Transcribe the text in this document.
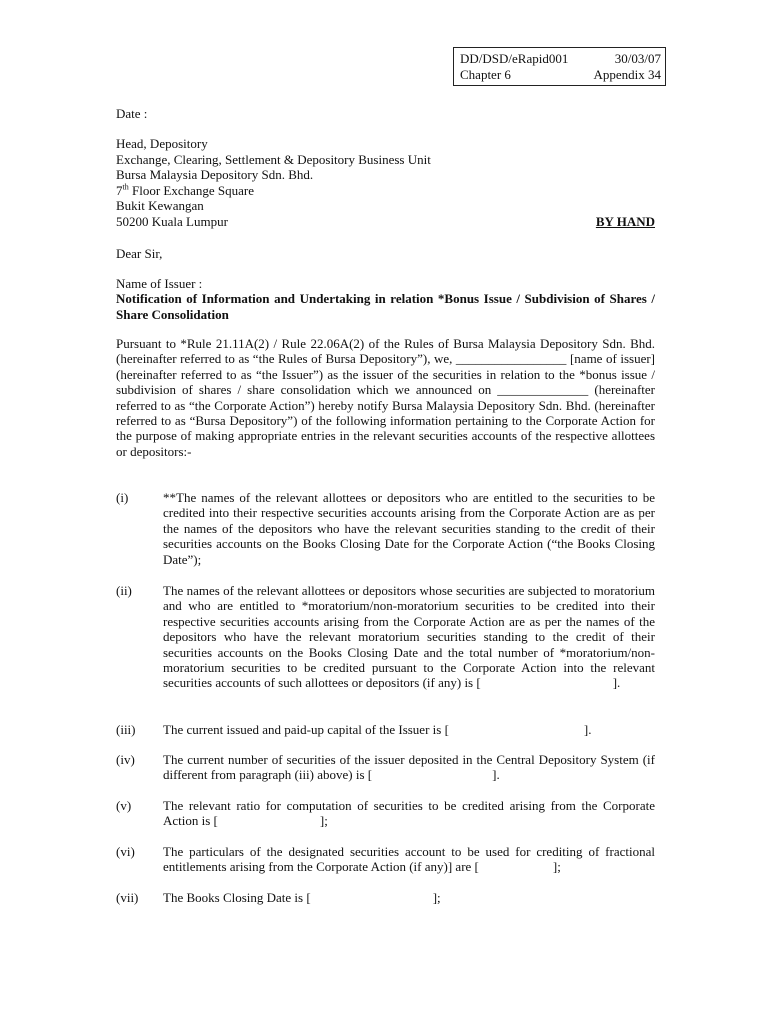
DD/DSD/eRapid001	30/03/07
Chapter 6	Appendix 34
Date :
Head, Depository
Exchange, Clearing, Settlement & Depository Business Unit
Bursa Malaysia Depository Sdn. Bhd.
7th Floor Exchange Square
Bukit Kewangan
50200 Kuala Lumpur	BY HAND
Dear Sir,
Name of Issuer :
Notification of Information and Undertaking in relation *Bonus Issue / Subdivision of Shares / Share Consolidation
Pursuant to *Rule 21.11A(2) / Rule 22.06A(2) of the Rules of Bursa Malaysia Depository Sdn. Bhd. (hereinafter referred to as “the Rules of Bursa Depository”), we, _________________ [name of issuer] (hereinafter referred to as “the Issuer”) as the issuer of the securities in relation to the *bonus issue / subdivision of shares / share consolidation which we announced on ______________ (hereinafter referred to as “the Corporate Action”) hereby notify Bursa Malaysia Depository Sdn. Bhd. (hereinafter referred to as “Bursa Depository”) of the following information pertaining to the Corporate Action for the purpose of making appropriate entries in the relevant securities accounts of the respective allottees or depositors:-
(i)	**The names of the relevant allottees or depositors who are entitled to the securities to be credited into their respective securities accounts arising from the Corporate Action are as per the names of the depositors who have the relevant securities standing to the credit of their securities accounts on the Books Closing Date for the Corporate Action (“the Books Closing Date”);
(ii) The names of the relevant allottees or depositors whose securities are subjected to moratorium and who are entitled to *moratorium/non-moratorium securities to be credited into their respective securities accounts arising from the Corporate Action are as per the names of the depositors who have the relevant moratorium securities standing to the credit of their securities accounts on the Books Closing Date and the total number of *moratorium/non-moratorium securities to be credited pursuant to the Corporate Action into the relevant securities accounts of such allottees or depositors (if any) is [	].
(iii) The current issued and paid-up capital of the Issuer is [	].
(iv) The current number of securities of the issuer deposited in the Central Depository System (if different from paragraph (iii) above) is [	].
(v) The relevant ratio for computation of securities to be credited arising from the Corporate Action is [	];
(vi) The particulars of the designated securities account to be used for crediting of fractional entitlements arising from the Corporate Action (if any)] are [	];
(vii) The Books Closing Date is [	];
